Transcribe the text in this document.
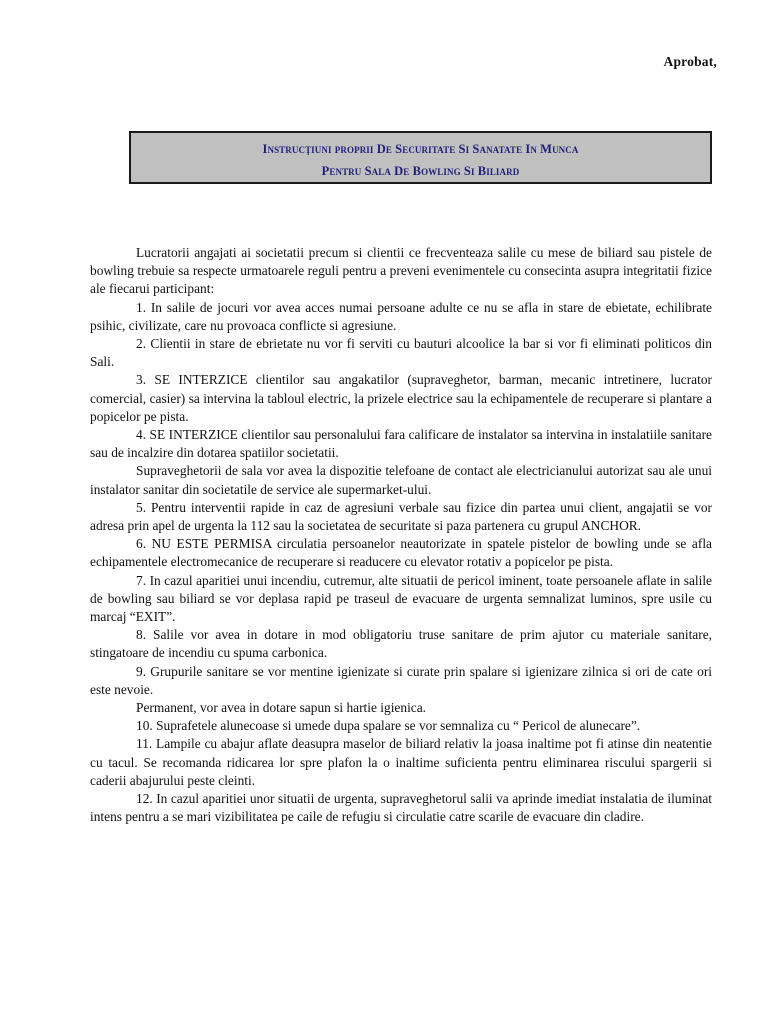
Aprobat,
Instrucţiuni proprii De Securitate Si Sanatate In Munca
Pentru Sala De Bowling Si Biliard

Lucratorii angajati ai societatii precum si clientii ce frecventeaza salile cu mese de biliard sau pistele de bowling trebuie sa respecte urmatoarele reguli pentru a preveni evenimentele cu consecinta asupra integritatii fizice ale fiecarui participant:

1. In salile de jocuri vor avea acces numai persoane adulte ce nu se afla in stare de ebietate, echilibrate psihic, civilizate, care nu provoaca conflicte si agresiune.

2. Clientii in stare de ebrietate nu vor fi serviti cu bauturi alcoolice la bar si vor fi eliminati politicos din Sali.

3. SE INTERZICE clientilor sau angakatilor (supraveghetor, barman, mecanic intretinere, lucrator comercial, casier) sa intervina la tabloul electric, la prizele electrice sau la echipamentele de recuperare si plantare a popicelor pe pista.

4. SE INTERZICE clientilor sau personalului fara calificare de instalator sa intervina in instalatiile sanitare sau de incalzire din dotarea spatiilor societatii.

Supraveghetorii de sala vor avea la dispozitie telefoane de contact ale electricianului autorizat sau ale unui instalator sanitar din societatile de service ale supermarket-ului.

5. Pentru interventii rapide in caz de agresiuni verbale sau fizice din partea unui client, angajatii se vor adresa prin apel de urgenta la 112 sau la societatea de securitate si paza partenera cu grupul ANCHOR.

6. NU ESTE PERMISA circulatia persoanelor neautorizate in spatele pistelor de bowling unde se afla echipamentele electromecanice de recuperare si readucere cu elevator rotativ a popicelor pe pista.

7. In cazul aparitiei unui incendiu, cutremur, alte situatii de pericol iminent, toate persoanele aflate in salile de bowling sau biliard se vor deplasa rapid pe traseul de evacuare de urgenta semnalizat luminos, spre usile cu marcaj “EXIT”.

8. Salile vor avea in dotare in mod obligatoriu truse sanitare de prim ajutor cu materiale sanitare, stingatoare de incendiu cu spuma carbonica.

9. Grupurile sanitare se vor mentine igienizate si curate prin spalare si igienizare zilnica si ori de cate ori este nevoie.

Permanent, vor avea in dotare sapun si hartie igienica.

10. Suprafetele alunecoase si umede dupa spalare se vor semnaliza cu “ Pericol de alunecare”.

11. Lampile cu abajur aflate deasupra maselor de biliard relativ la joasa inaltime pot fi atinse din neatentie cu tacul. Se recomanda ridicarea lor spre plafon la o inaltime suficienta pentru eliminarea riscului spargerii si caderii abajurului peste cleinti.

12. In cazul aparitiei unor situatii de urgenta, supraveghetorul salii va aprinde imediat instalatia de iluminat intens pentru a se mari vizibilitatea pe caile de refugiu si circulatie catre scarile de evacuare din cladire.
